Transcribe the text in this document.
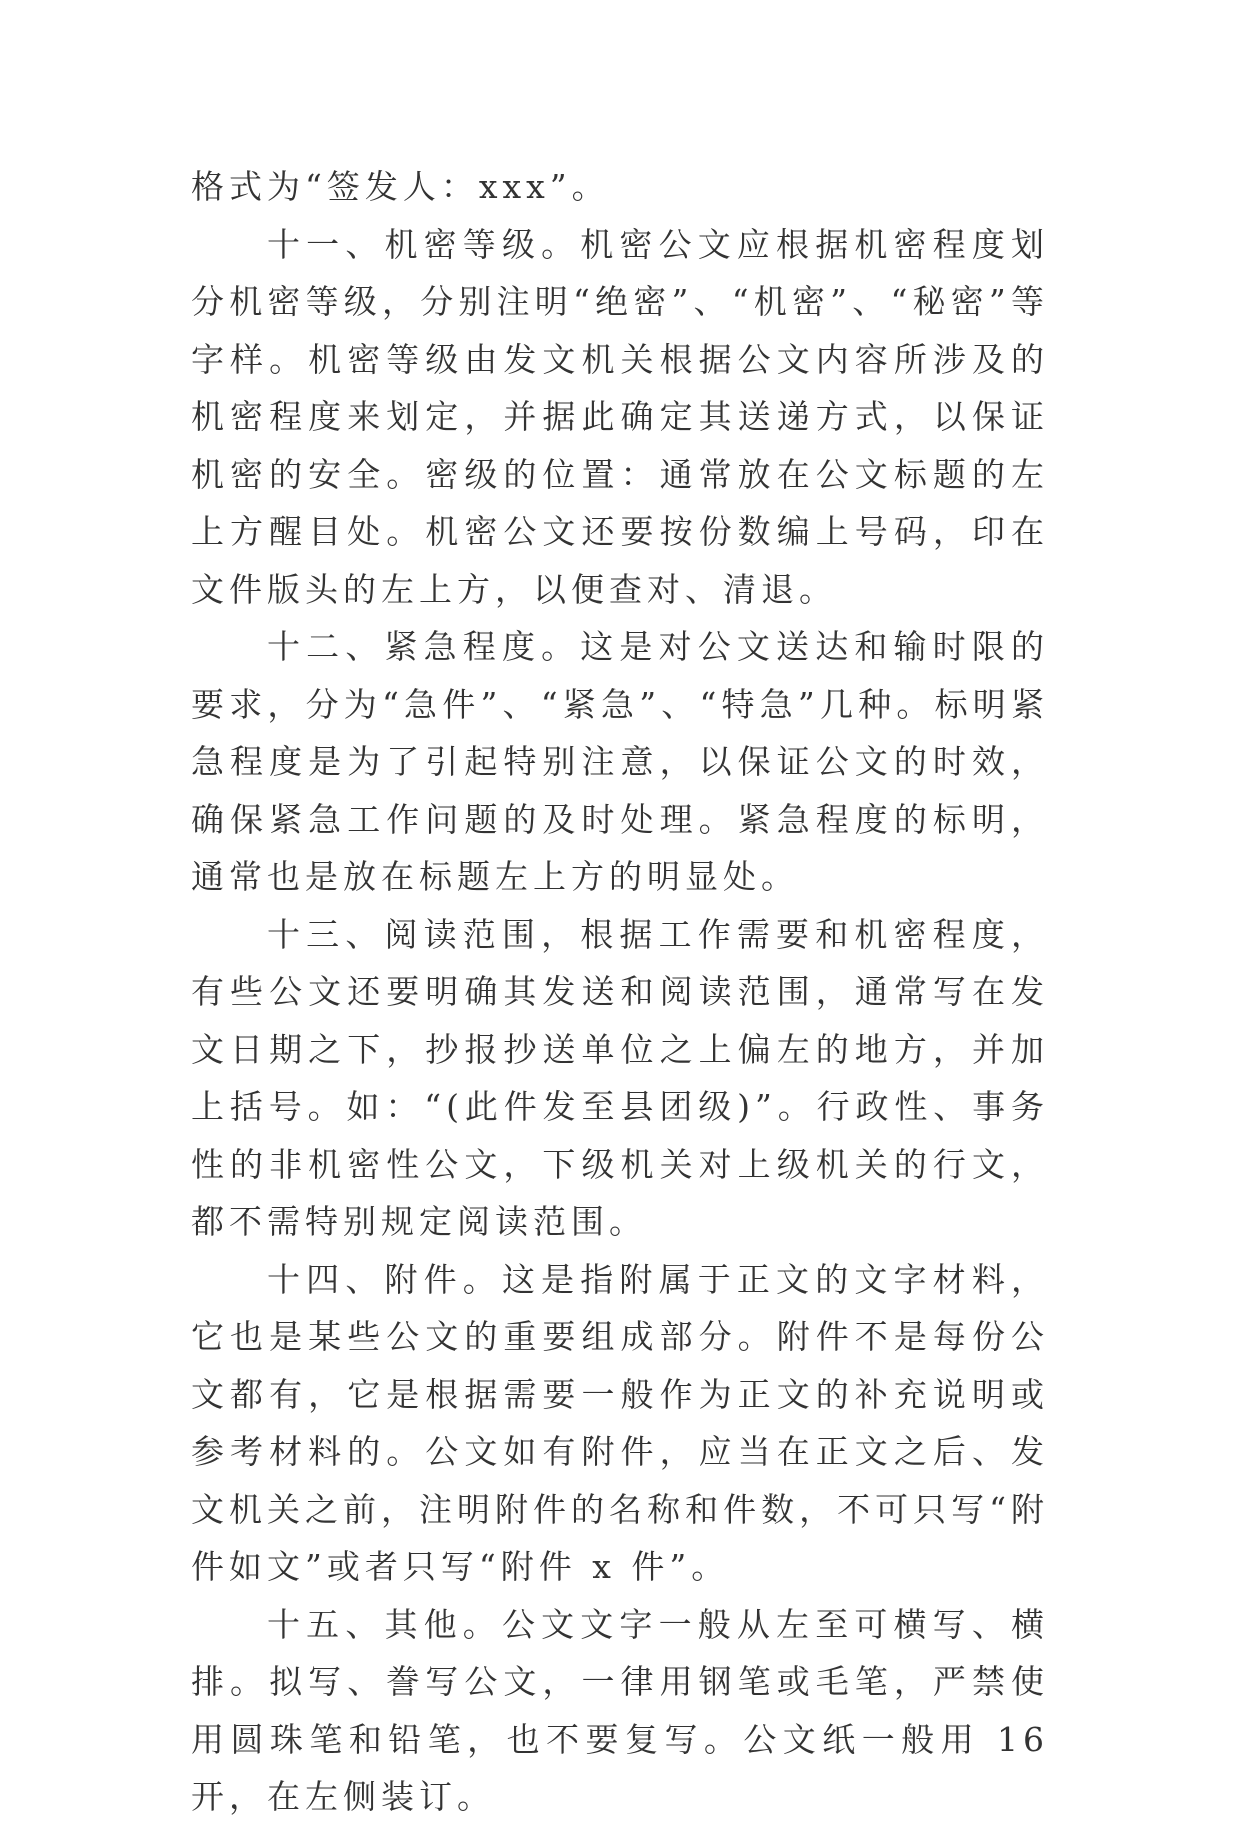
格式为“签发人：xxx”。

十一、机密等级。机密公文应根据机密程度划分机密等级，分别注明“绝密”、“机密”、“秘密”等字样。机密等级由发文机关根据公文内容所涉及的机密程度来划定，并据此确定其送递方式，以保证机密的安全。密级的位置：通常放在公文标题的左上方醒目处。机密公文还要按份数编上号码，印在文件版头的左上方，以便查对、清退。

十二、紧急程度。这是对公文送达和输时限的要求，分为“急件”、“紧急”、“特急”几种。标明紧急程度是为了引起特别注意，以保证公文的时效，确保紧急工作问题的及时处理。紧急程度的标明，通常也是放在标题左上方的明显处。

十三、阅读范围，根据工作需要和机密程度，有些公文还要明确其发送和阅读范围，通常写在发文日期之下，抄报抄送单位之上偏左的地方，并加上括号。如：“(此件发至县团级)”。行政性、事务性的非机密性公文，下级机关对上级机关的行文，都不需特别规定阅读范围。

十四、附件。这是指附属于正文的文字材料，它也是某些公文的重要组成部分。附件不是每份公文都有，它是根据需要一般作为正文的补充说明或参考材料的。公文如有附件，应当在正文之后、发文机关之前，注明附件的名称和件数，不可只写“附件如文”或者只写“附件 x 件”。

十五、其他。公文文字一般从左至可横写、横排。拟写、誊写公文，一律用钢笔或毛笔，严禁使用圆珠笔和铅笔，也不要复写。公文纸一般用 16 开，在左侧装订。
